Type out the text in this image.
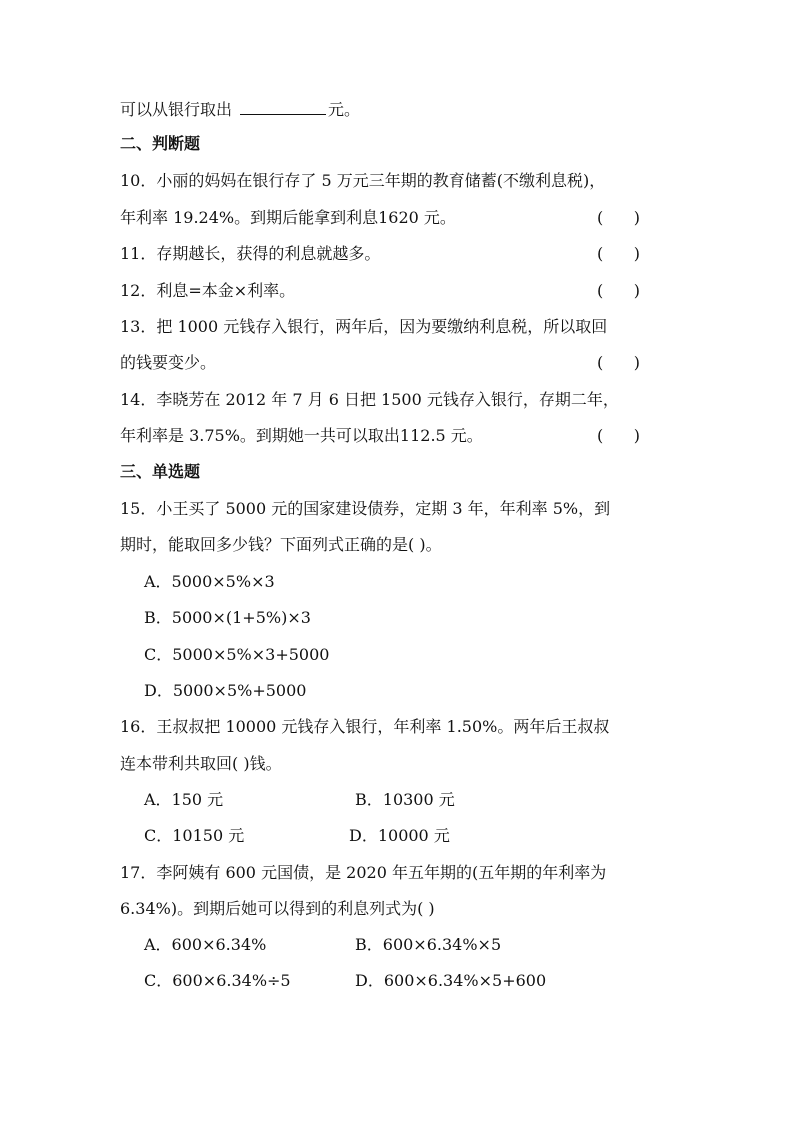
可以从银行取出	元。
二、判断题
10．小丽的妈妈在银行存了 5 万元三年期的教育储蓄(不缴利息税)，
年利率 19.24%。到期后能拿到利息1620 元。	(      )
11．存期越长，获得的利息就越多。	(      )
12．利息=本金×利率。	(      )
13．把 1000 元钱存入银行，两年后，因为要缴纳利息税，所以取回
的钱要变少。	(      )
14．李晓芳在 2012 年 7 月 6 日把 1500 元钱存入银行，存期二年，
年利率是 3.75%。到期她一共可以取出112.5 元。	(      )
三、单选题
15．小王买了 5000 元的国家建设债券，定期 3 年，年利率 5%，到
期时，能取回多少钱？下面列式正确的是( )。
A．5000×5%×3
B．5000×(1+5%)×3
C．5000×5%×3+5000
D．5000×5%+5000
16．王叔叔把 10000 元钱存入银行，年利率 1.50%。两年后王叔叔
连本带利共取回( )钱。
A．150 元	B．10300 元
C．10150 元	D．10000 元
17．李阿姨有 600 元国债，是 2020 年五年期的(五年期的年利率为
6.34%)。到期后她可以得到的利息列式为( )
A．600×6.34%	B．600×6.34%×5
C．600×6.34%÷5	D．600×6.34%×5+600
